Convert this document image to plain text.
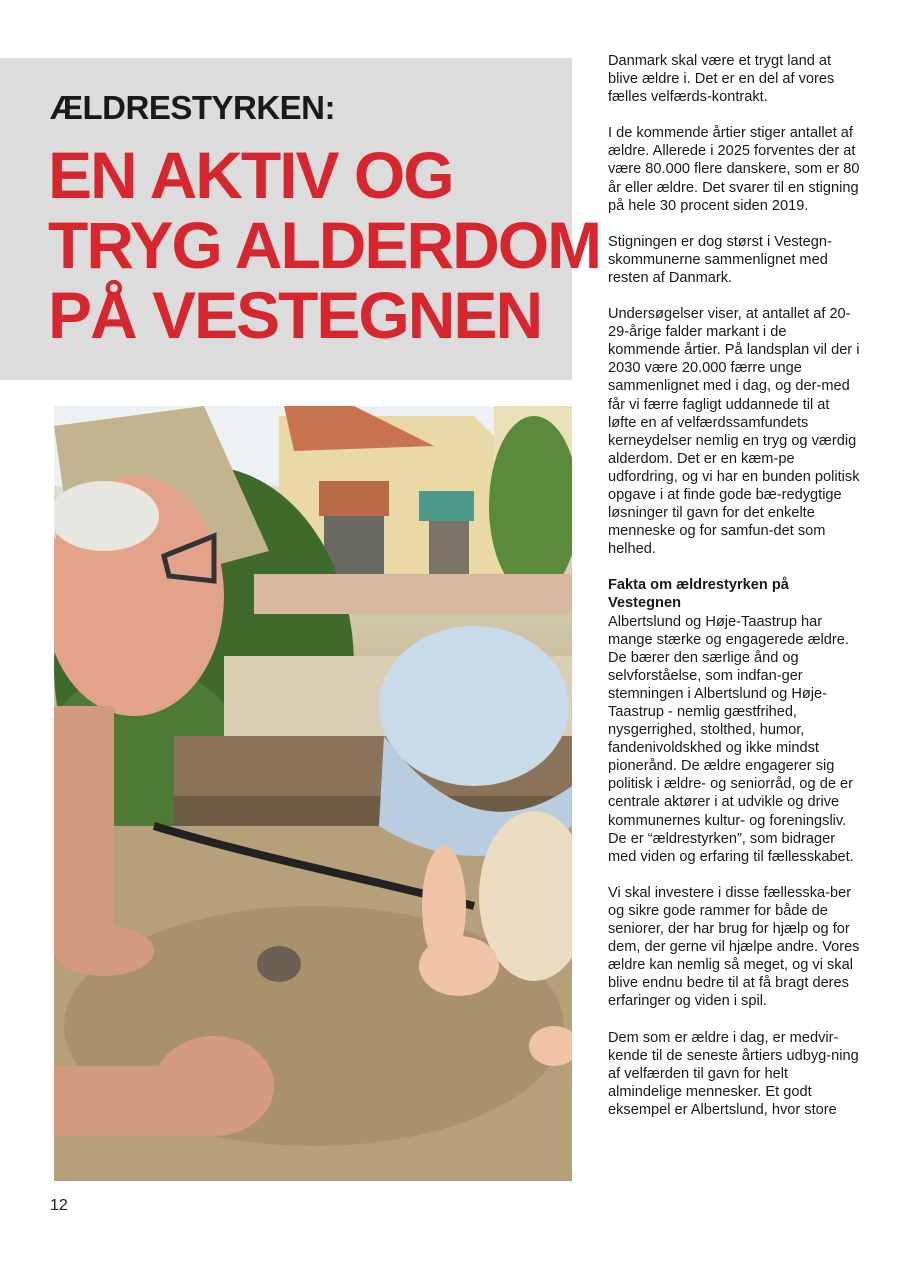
ÆLDRESTYRKEN:
EN AKTIV OG
TRYG ALDERDOM
PÅ VESTEGNEN

Danmark skal være et trygt land at blive ældre i. Det er en del af vores fælles velfærds-kontrakt.

I de kommende årtier stiger antallet af ældre. Allerede i 2025 forventes der at være 80.000 flere danskere, som er 80 år eller ældre. Det svarer til en stigning på hele 30 procent siden 2019.

Stigningen er dog størst i Vestegn-skommunerne sammenlignet med resten af Danmark.

Undersøgelser viser, at antallet af 20-29-årige falder markant i de kommende årtier. På landsplan vil der i 2030 være 20.000 færre unge sammenlignet med i dag, og der-med får vi færre fagligt uddannede til at løfte en af velfærdssamfundets kerneydelser nemlig en tryg og værdig alderdom. Det er en kæm-pe udfordring, og vi har en bunden politisk opgave i at finde gode bæ-redygtige løsninger til gavn for det enkelte menneske og for samfun-det som helhed.

Fakta om ældrestyrken på Vestegnen

Albertslund og Høje-Taastrup har mange stærke og engagerede ældre. De bærer den særlige ånd og selvforståelse, som indfan-ger stemningen i Albertslund og Høje-Taastrup - nemlig gæstfrihed, nysgerrighed, stolthed, humor, fandenivoldskhed og ikke mindst pionerånd. De ældre engagerer sig politisk i ældre- og seniorråd, og de er centrale aktører i at udvikle og drive kommunernes kultur- og foreningsliv. De er “ældrestyrken”, som bidrager med viden og erfaring til fællesskabet.

Vi skal investere i disse fællesska-ber og sikre gode rammer for både de seniorer, der har brug for hjælp og for dem, der gerne vil hjælpe andre. Vores ældre kan nemlig så meget, og vi skal blive endnu bedre til at få bragt deres erfaringer og viden i spil.

Dem som er ældre i dag, er medvir-kende til de seneste årtiers udbyg-ning af velfærden til gavn for helt almindelige mennesker. Et godt eksempel er Albertslund, hvor store

12
